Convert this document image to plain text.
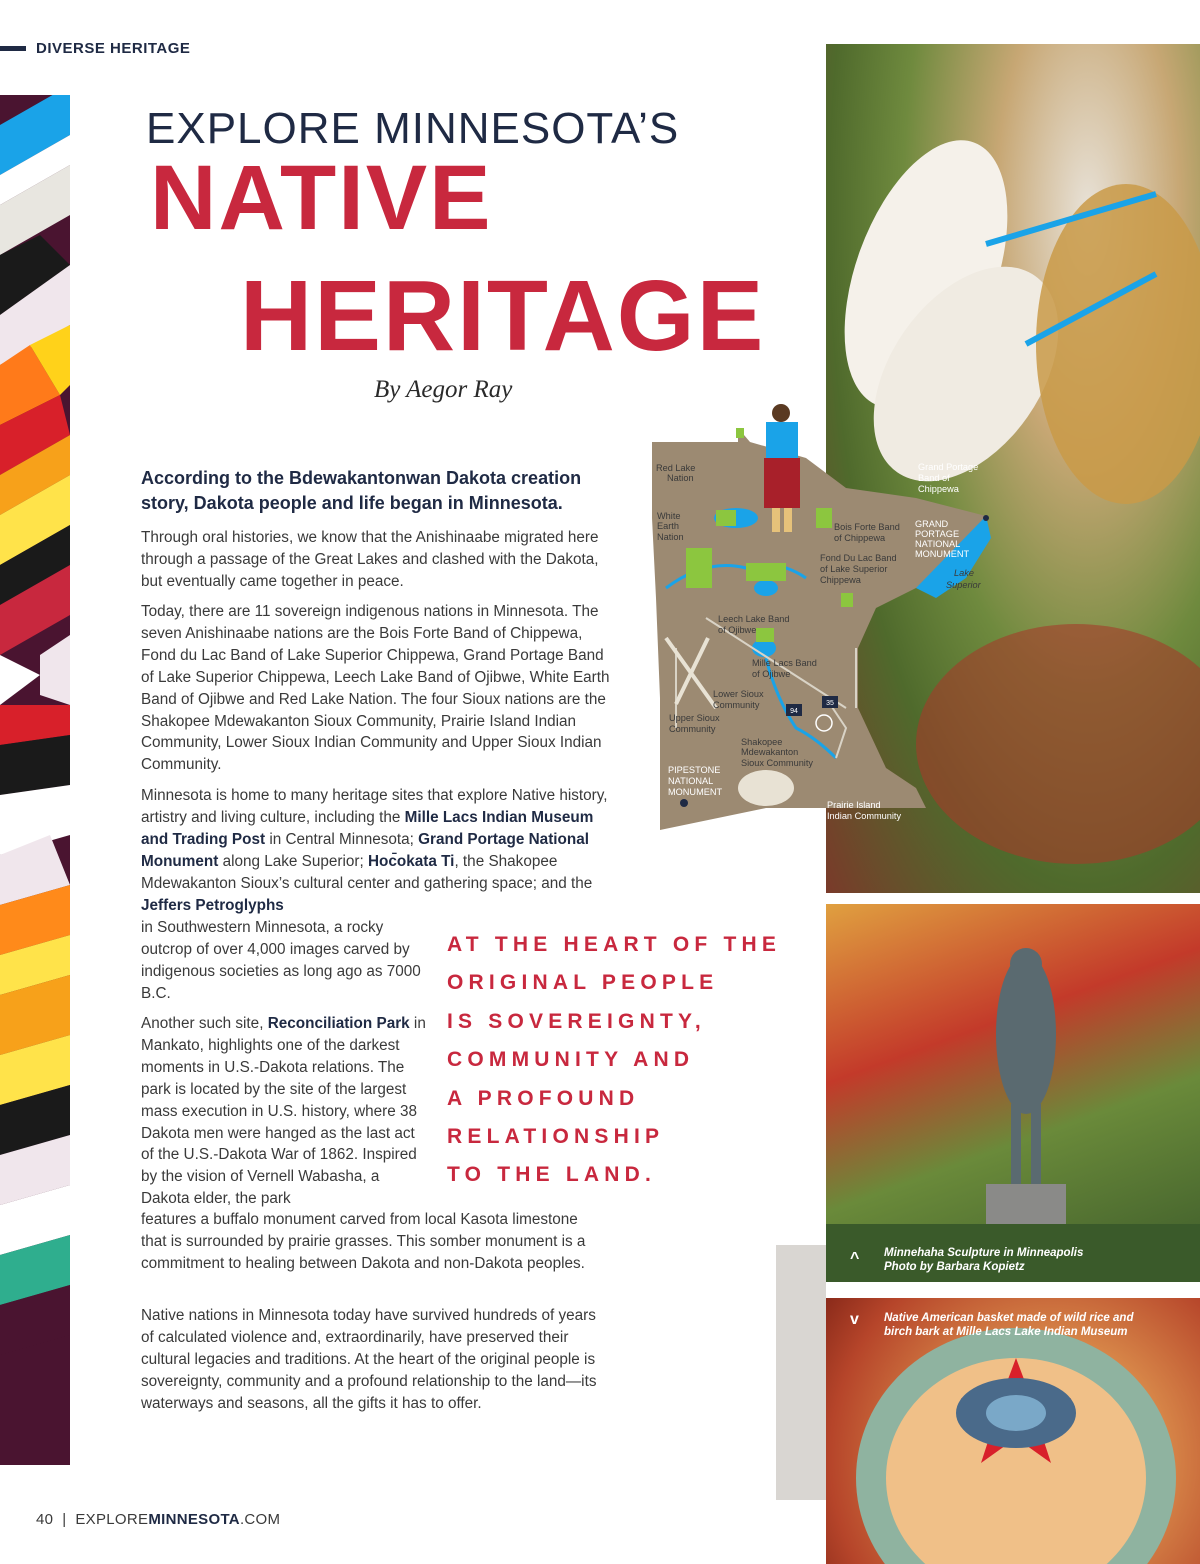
DIVERSE HERITAGE
EXPLORE MINNESOTA’S
NATIVE
HERITAGE
By Aegor Ray
94
35
Red Lake
Nation
White
Earth
Nation
Grand Portage
Band of
Chippewa
GRAND
PORTAGE
NATIONAL
MONUMENT
Lake
Superior
Bois Forte Band
of Chippewa
Fond Du Lac Band
of Lake Superior
Chippewa
Leech Lake Band
of Ojibwe
Mille Lacs Band
of Ojibwe
Lower Sioux
Community
Upper Sioux
Community
Shakopee
Mdewakanton
Sioux Community
PIPESTONE
NATIONAL
MONUMENT
Prairie Island
Indian Community
According to the Bdewakantonwan Dakota creation story, Dakota people and life began in Minnesota.
Through oral histories, we know that the Anishinaabe migrated here through a passage of the Great Lakes and clashed with the Dakota, but eventually came together in peace.
Today, there are 11 sovereign indigenous nations in Minnesota. The seven Anishinaabe nations are the Bois Forte Band of Chippewa, Fond du Lac Band of Lake Superior Chippewa, Grand Portage Band of Lake Superior Chippewa, Leech Lake Band of Ojibwe, White Earth Band of Ojibwe and Red Lake Nation. The four Sioux nations are the Shakopee Mdewakanton Sioux Community, Prairie Island Indian Community, Lower Sioux Indian Community and Upper Sioux Indian Community.
Minnesota is home to many heritage sites that explore Native history, artistry and living culture, including the Mille Lacs Indian Museum and Trading Post in Central Minnesota; Grand Portage National Monument along Lake Superior; Hoc̄okata Ti, the Shakopee Mdewakanton Sioux’s cultural center and gathering space; and the Jeffers Petroglyphs
in Southwestern Minnesota, a rocky outcrop of over 4,000 images carved by indigenous societies as long ago as 7000 B.C.
Another such site, Reconciliation Park in Mankato, highlights one of the darkest moments in U.S.-Dakota relations. The park is located by the site of the largest mass execution in U.S. history, where 38 Dakota men were hanged as the last act of the U.S.-Dakota War of 1862. Inspired by the vision of Vernell Wabasha, a Dakota elder, the park
features a buffalo monument carved from local Kasota limestone that is surrounded by prairie grasses. This somber monument is a commitment to healing between Dakota and non-Dakota peoples.
Native nations in Minnesota today have survived hundreds of years of calculated violence and, extraordinarily, have preserved their cultural legacies and traditions. At the heart of the original people is sovereignty, community and a profound relationship to the land—its waterways and seasons, all the gifts it has to offer.
AT THE HEART OF THE
ORIGINAL PEOPLE
IS SOVEREIGNTY,
COMMUNITY AND
A PROFOUND
RELATIONSHIP
TO THE LAND.
^ Minnehaha Sculpture in Minneapolis
Photo by Barbara Kopietz
v Native American basket made of wild rice and
birch bark at Mille Lacs Lake Indian Museum
40 | EXPLOREMINNESOTA.COM
